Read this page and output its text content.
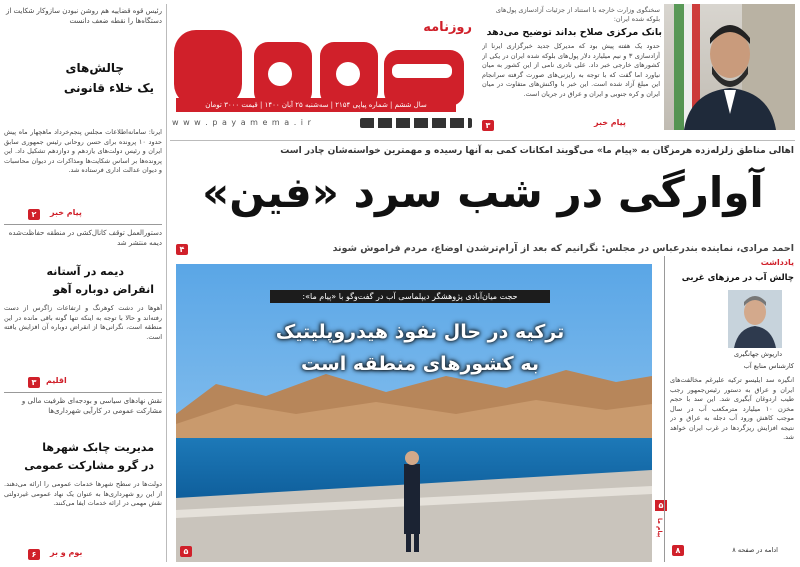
روزنامه
سال ششم | شماره پیاپی ۲۱۵۴ | سه‌شنبه ۲۵ آبان ۱۴۰۰ | قیمت ۳۰۰۰ تومان
w w w . p a y a m e m a . i r
سخنگوی وزارت خارجه با استناد از جزئیات آزادسازی پول‌های بلوکه شده ایران:
بانک مرکزی صلاح بداند توضیح می‌دهد
حدود یک هفته پیش بود که مدیرکل جدید خبرگزاری ایرنا از آزادسازی ۳ و نیم میلیارد دلار پول‌های بلوکه شده ایران در یکی از کشورهای خارجی خبر داد. علی نادری نامی از این کشور به میان نیاورد اما گفت که با توجه به رایزنی‌های صورت گرفته سرانجام این مبلغ آزاد شده است. این خبر با واکنش‌های متفاوت در میان ایران و کره جنوبی و ایران و عراق در جریان است.
پیام خبر
۳
اهالی مناطق زلزله‌زده هرمزگان به «پیام ما» می‌گویند امکانات کمی به آنها رسیده و مهمترین خواسته‌شان چادر است
آوارگی در شب سرد «فین»
احمد مرادی، نماینده بندرعباس در مجلس: نگرانیم که بعد از آرام‌ترشدن اوضاع، مردم فراموش شوند
۴
حجت میان‌آبادی پژوهشگر دیپلماسی آب در گفت‌وگو با «پیام ما»:
ترکیه در حال نفوذ هیدروپلیتیک
به کشورهای منطقه است
۵
۵
پیام ما
یادداشت
چالش آب در مرزهای غربی
داریوش جهانگیری
کارشناس منابع آب
انگیزه سد ایلیسو ترکیه علیرغم مخالفت‌های ایران و عراق به دستور رئیس‌جمهور رجب طیب اردوغان آبگیری شد. این سد با حجم مخزن ۱۰ میلیارد مترمکعب آب در سال موجب کاهش ورود آب دجله به عراق و در نتیجه افزایش ریزگردها در غرب ایران خواهد شد.
ادامه در صفحه ۸
۸
رئیس قوه قضاییه هم روشن نبودن سازوکار شکایت از دستگاه‌ها را نقطه ضعف دانست
چالش‌های
یک خلاء قانونی
ایرنا: سامانه‌اطلاعات مجلس پنجم‌خرداد ماهچهار ماه پیش حدود ۱۰ پرونده برای حسن روحانی رئیس جمهوری سابق ایران و رئیس دولت‌های یازدهم و دوازدهم تشکیل داد. این پرونده‌ها بر اساس شکایت‌ها ومذاکرات در دیوان محاسبات و دیوان عدالت اداری فرستاده شد.
پیام خبر
۲
دستورالعمل توقف کانال‌کشی در منطقه حفاظت‌شده دیمه منتشر شد
دیمه در آستانه
انقراض دوباره آهو
آهوها در دشت کوهرنگ و ارتفاعات زاگرس از دست رفته‌اند و حالا با توجه به اینکه تنها گونه باقی مانده در این منطقه است، نگرانی‌ها از انقراض دوباره آن افزایش یافته است.
اقلیم
۳
نقش نهادهای سیاسی و بودجه‌ای ظرفیت مالی و مشارکت عمومی در کارآیی شهرداری‌ها
مدیریت چابک شهرها
در گرو مشارکت عمومی
دولت‌ها در سطح شهرها خدمات عمومی را ارائه می‌دهند. از این رو شهرداری‌ها به عنوان یک نهاد عمومی غیردولتی نقش مهمی در ارائه خدمات ایفا می‌کنند.
بوم و بر
۶
